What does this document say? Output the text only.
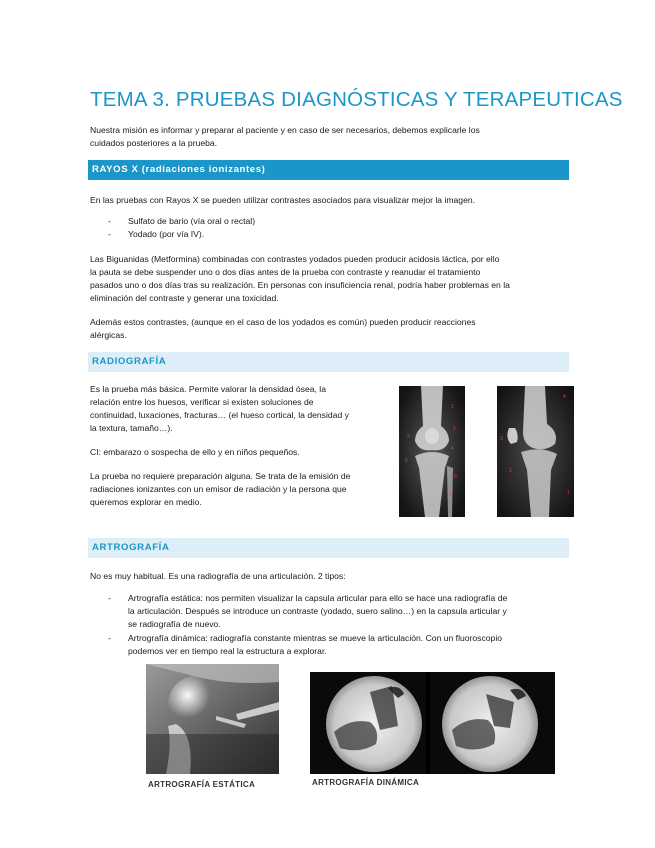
TEMA 3. PRUEBAS DIAGNÓSTICAS Y TERAPEUTICAS

Nuestra misión es informar y preparar al paciente y en caso de ser necesarios, debemos explicarle los

cuidados posteriores a la prueba.

RAYOS X (radiaciones ionizantes)

En las pruebas con Rayos X se pueden utilizar contrastes asociados para visualizar mejor la imagen.

- Sulfato de bario (vía oral o rectal)

- Yodado (por vía IV).

Las Biguanidas (Metformina) combinadas con contrastes yodados pueden producir acidosis láctica, por ello

la pauta se debe suspender uno o dos días antes de la prueba con contraste y reanudar el tratamiento

pasados uno o dos días tras su realización. En personas con insuficiencia renal, podría haber problemas en la

eliminación del contraste y generar una toxicidad.

Además estos contrastes, (aunque en el caso de los yodados es común) pueden producir reacciones

alérgicas.

RADIOGRAFÍA

Es la prueba más básica. Permite valorar la densidad ósea, la

relación entre los huesos, verificar si existen soluciones de

continuidad, luxaciones, fracturas… (el hueso cortical, la densidad y

la textura, tamaño…).

CI: embarazo o sospecha de ello y en niños pequeños.

La prueba no requiere preparación alguna. Se trata de la emisión de

radiaciones ionizantes con un emisor de radiación y la persona que

queremos explorar en medio.

1
2
3
4
5
6
7
4
3
2
1
ARTROGRAFÍA

No es muy habitual. Es una radiografía de una articulación. 2 tipos:

- Artrografía estática: nos permiten visualizar la capsula articular para ello se hace una radiografía de

la articulación. Después se introduce un contraste (yodado, suero salino…) en la capsula articular y

se radiografía de nuevo.

- Artrografía dinámica: radiografía constante mientras se mueve la articulación. Con un fluoroscopio

podemos ver en tiempo real la estructura a explorar.

ARTROGRAFÍA ESTÁTICA	ARTROGRAFÍA DINÁMICA
